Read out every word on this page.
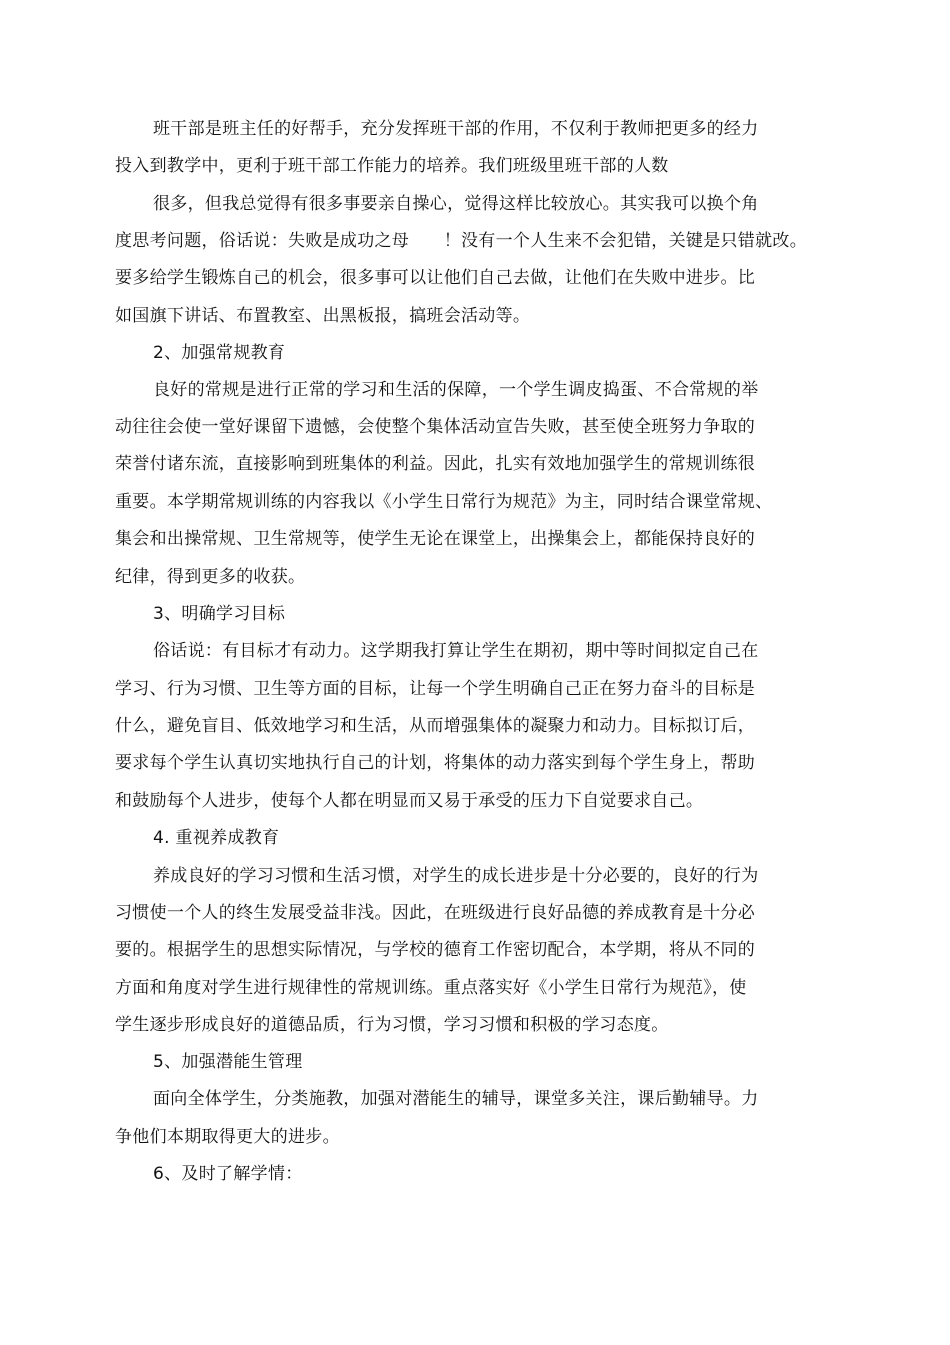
班干部是班主任的好帮手，充分发挥班干部的作用，不仅利于教师把更多的经力
投入到教学中，更利于班干部工作能力的培养。我们班级里班干部的人数
很多，但我总觉得有很多事要亲自操心，觉得这样比较放心。其实我可以换个角
度思考问题，俗话说：失败是成功之母　　！没有一个人生来不会犯错，关键是只错就改。
要多给学生锻炼自己的机会，很多事可以让他们自己去做，让他们在失败中进步。比
如国旗下讲话、布置教室、出黑板报，搞班会活动等。
2、加强常规教育
良好的常规是进行正常的学习和生活的保障，一个学生调皮捣蛋、不合常规的举
动往往会使一堂好课留下遗憾，会使整个集体活动宣告失败，甚至使全班努力争取的
荣誉付诸东流，直接影响到班集体的利益。因此，扎实有效地加强学生的常规训练很
重要。本学期常规训练的内容我以《小学生日常行为规范》为主，同时结合课堂常规、
集会和出操常规、卫生常规等，使学生无论在课堂上，出操集会上，都能保持良好的
纪律，得到更多的收获。
3、明确学习目标
俗话说：有目标才有动力。这学期我打算让学生在期初，期中等时间拟定自己在
学习、行为习惯、卫生等方面的目标，让每一个学生明确自己正在努力奋斗的目标是
什么，避免盲目、低效地学习和生活，从而增强集体的凝聚力和动力。目标拟订后，
要求每个学生认真切实地执行自己的计划，将集体的动力落实到每个学生身上，帮助
和鼓励每个人进步，使每个人都在明显而又易于承受的压力下自觉要求自己。
4. 重视养成教育
养成良好的学习习惯和生活习惯，对学生的成长进步是十分必要的，良好的行为
习惯使一个人的终生发展受益非浅。因此，在班级进行良好品德的养成教育是十分必
要的。根据学生的思想实际情况，与学校的德育工作密切配合，本学期，将从不同的
方面和角度对学生进行规律性的常规训练。重点落实好《小学生日常行为规范》，使
学生逐步形成良好的道德品质，行为习惯，学习习惯和积极的学习态度。
5、加强潜能生管理
面向全体学生，分类施教，加强对潜能生的辅导，课堂多关注，课后勤辅导。力
争他们本期取得更大的进步。
6、及时了解学情：
